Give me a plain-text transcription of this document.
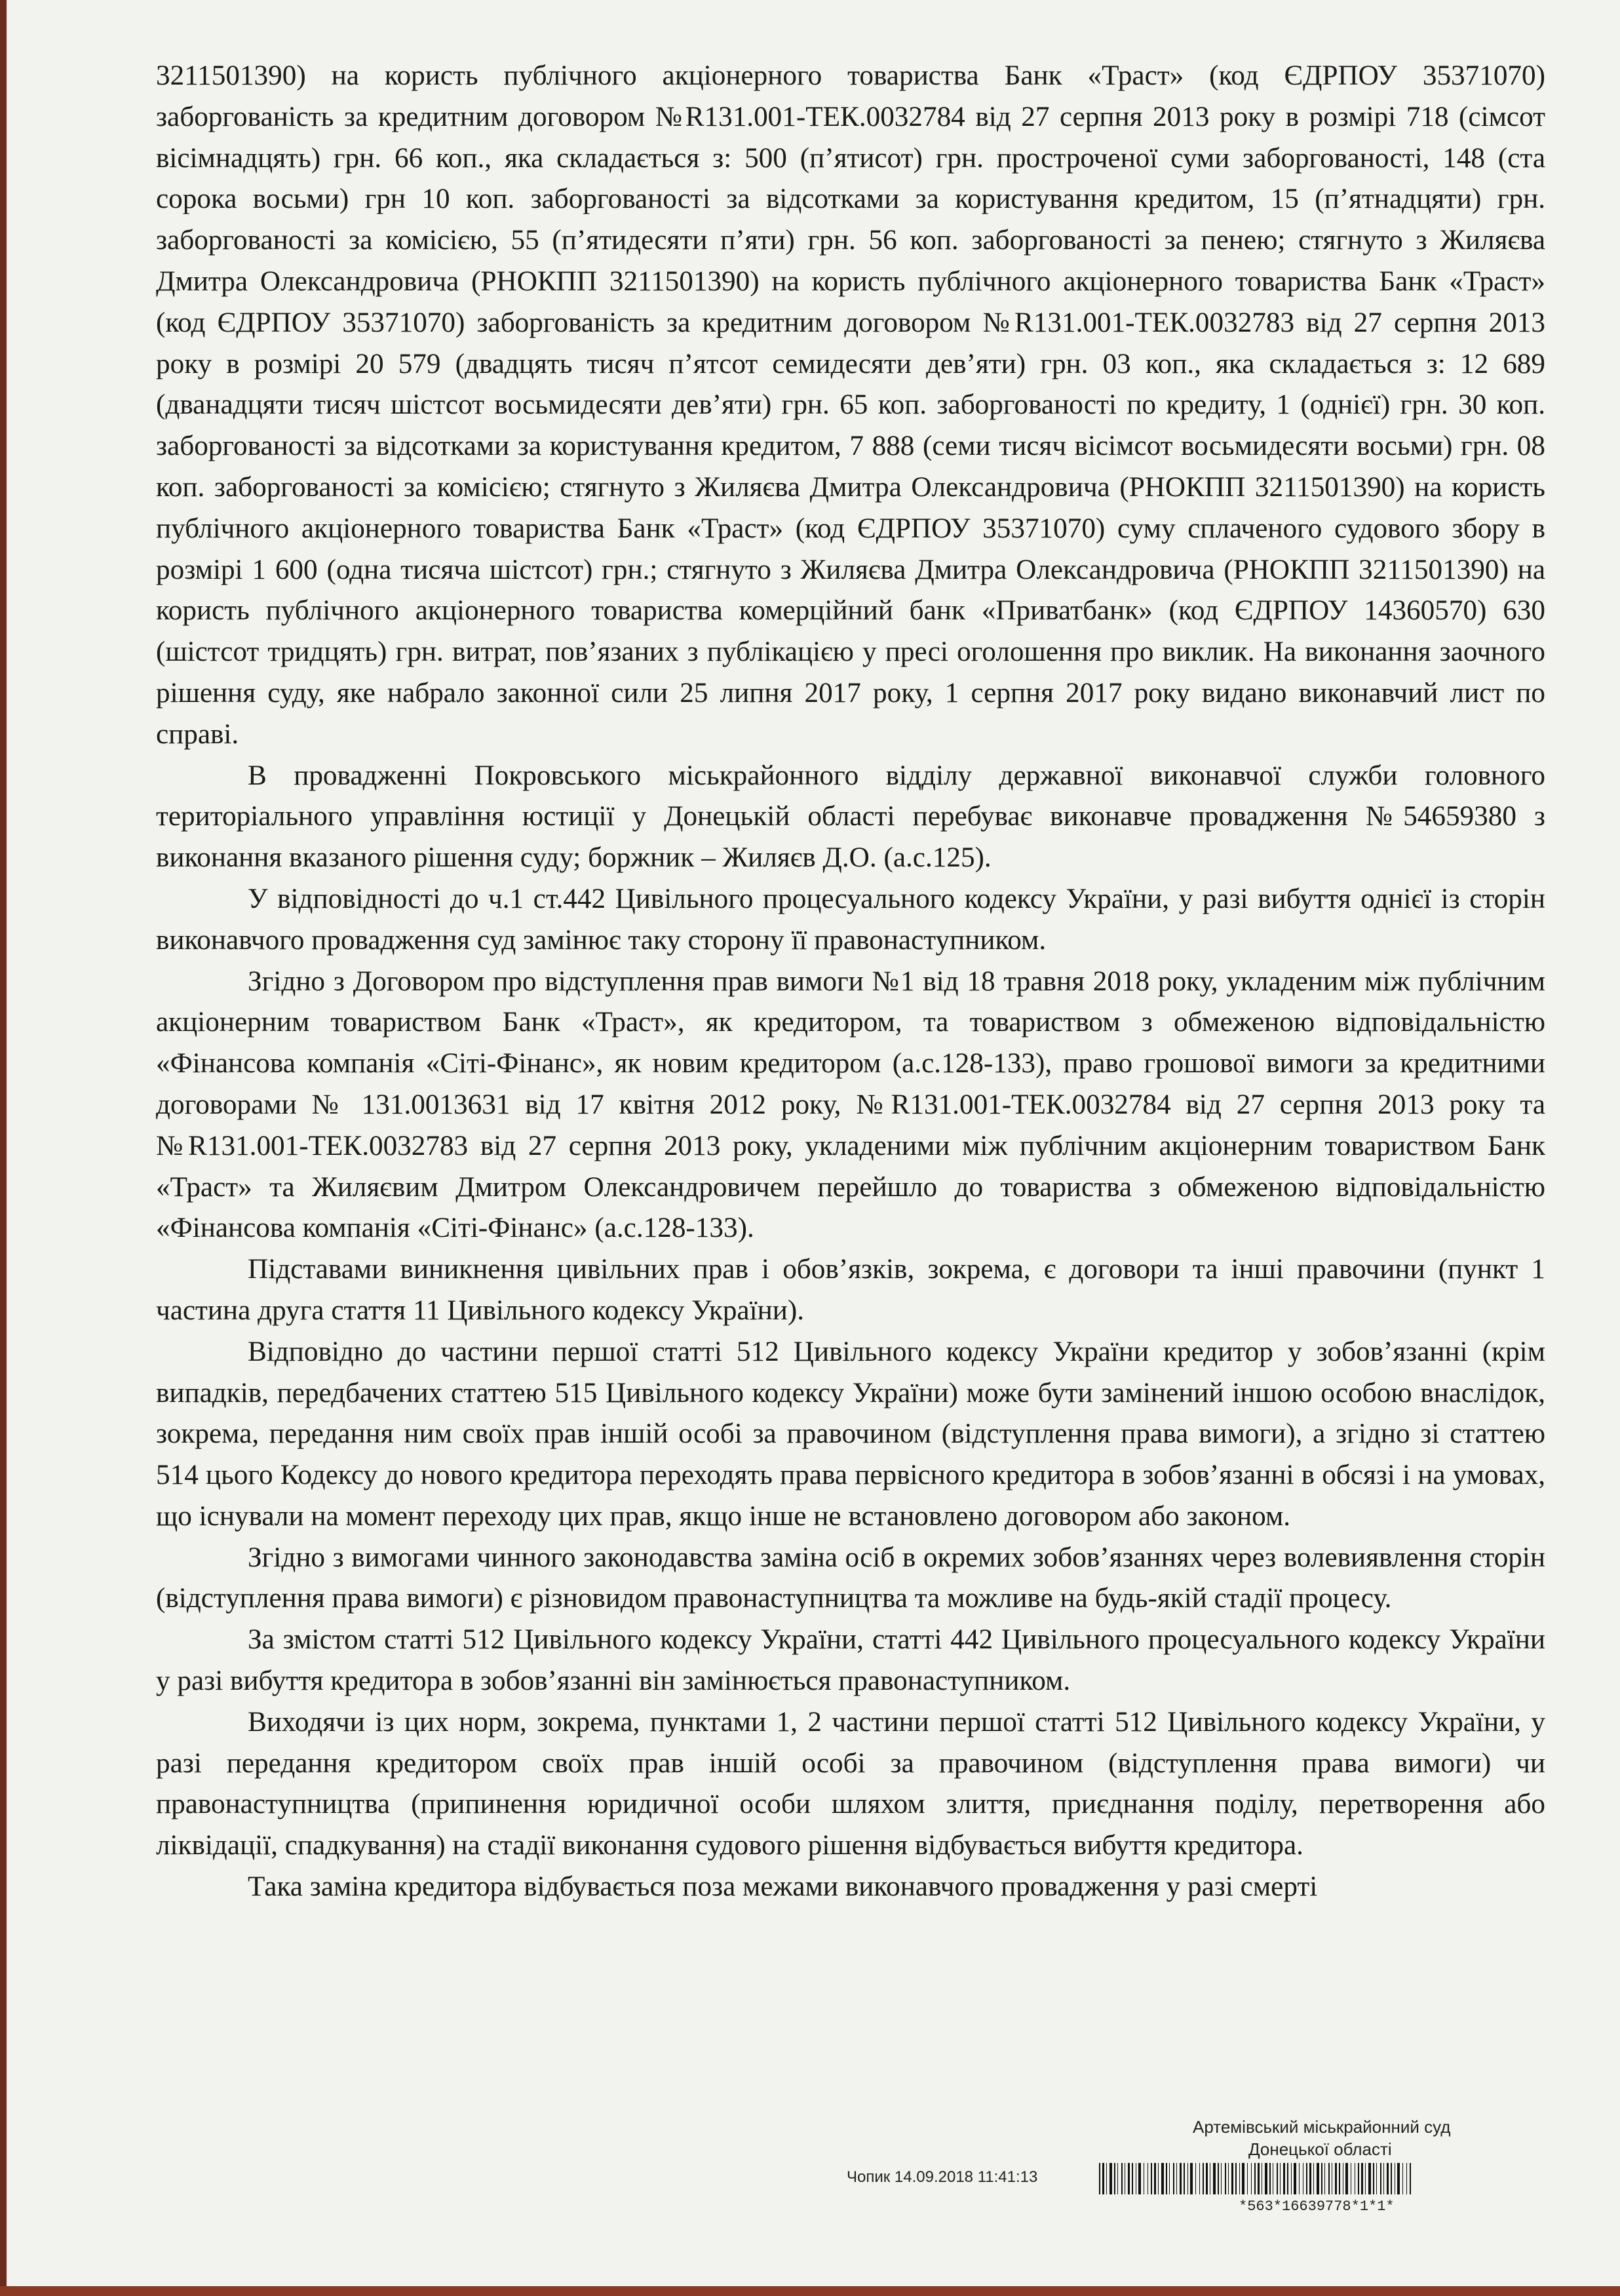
3211501390) на користь публічного акціонерного товариства Банк «Траст» (код ЄДРПОУ 35371070) заборгованість за кредитним договором №R131.001-ТЕК.0032784 від 27 серпня 2013 року в розмірі 718 (сімсот вісімнадцять) грн. 66 коп., яка складається з: 500 (п’ятисот) грн. простроченої суми заборгованості, 148 (ста сорока восьми) грн 10 коп. заборгованості за відсотками за користування кредитом, 15 (п’ятнадцяти) грн. заборгованості за комісією, 55 (п’ятидесяти п’яти) грн. 56 коп. заборгованості за пенею; стягнуто з Жиляєва Дмитра Олександровича (РНОКПП 3211501390) на користь публічного акціонерного товариства Банк «Траст» (код ЄДРПОУ 35371070) заборгованість за кредитним договором №R131.001-ТЕК.0032783 від 27 серпня 2013 року в розмірі 20 579 (двадцять тисяч п’ятсот семидесяти дев’яти) грн. 03 коп., яка складається з: 12 689 (дванадцяти тисяч шістсот восьмидесяти дев’яти) грн. 65 коп. заборгованості по кредиту, 1 (однієї) грн. 30 коп. заборгованості за відсотками за користування кредитом, 7 888 (семи тисяч вісімсот восьмидесяти восьми) грн. 08 коп. заборгованості за комісією; стягнуто з Жиляєва Дмитра Олександровича (РНОКПП 3211501390) на користь публічного акціонерного товариства Банк «Траст» (код ЄДРПОУ 35371070) суму сплаченого судового збору в розмірі 1 600 (одна тисяча шістсот) грн.; стягнуто з Жиляєва Дмитра Олександровича (РНОКПП 3211501390) на користь публічного акціонерного товариства комерційний банк «Приватбанк» (код ЄДРПОУ 14360570) 630 (шістсот тридцять) грн. витрат, пов’язаних з публікацією у пресі оголошення про виклик. На виконання заочного рішення суду, яке набрало законної сили 25 липня 2017 року, 1 серпня 2017 року видано виконавчий лист по справі.

В провадженні Покровського міськрайонного відділу державної виконавчої служби головного територіального управління юстиції у Донецькій області перебуває виконавче провадження №54659380 з виконання вказаного рішення суду; боржник – Жиляєв Д.О. (а.с.125).

У відповідності до ч.1 ст.442 Цивільного процесуального кодексу України, у разі вибуття однієї із сторін виконавчого провадження суд замінює таку сторону її правонаступником.

Згідно з Договором про відступлення прав вимоги №1 від 18 травня 2018 року, укладеним між публічним акціонерним товариством Банк «Траст», як кредитором, та товариством з обмеженою відповідальністю «Фінансова компанія «Сіті-Фінанс», як новим кредитором (а.с.128-133), право грошової вимоги за кредитними договорами № 131.0013631 від 17 квітня 2012 року, №R131.001-ТЕК.0032784 від 27 серпня 2013 року та №R131.001-ТЕК.0032783 від 27 серпня 2013 року, укладеними між публічним акціонерним товариством Банк «Траст» та Жиляєвим Дмитром Олександровичем перейшло до товариства з обмеженою відповідальністю «Фінансова компанія «Сіті-Фінанс» (а.с.128-133).

Підставами виникнення цивільних прав і обов’язків, зокрема, є договори та інші правочини (пункт 1 частина друга стаття 11 Цивільного кодексу України).

Відповідно до частини першої статті 512 Цивільного кодексу України кредитор у зобов’язанні (крім випадків, передбачених статтею 515 Цивільного кодексу України) може бути замінений іншою особою внаслідок, зокрема, передання ним своїх прав іншій особі за правочином (відступлення права вимоги), а згідно зі статтею 514 цього Кодексу до нового кредитора переходять права первісного кредитора в зобов’язанні в обсязі і на умовах, що існували на момент переходу цих прав, якщо інше не встановлено договором або законом.

Згідно з вимогами чинного законодавства заміна осіб в окремих зобов’язаннях через волевиявлення сторін (відступлення права вимоги) є різновидом правонаступництва та можливе на будь-якій стадії процесу.

За змістом статті 512 Цивільного кодексу України, статті 442 Цивільного процесуального кодексу України у разі вибуття кредитора в зобов’язанні він замінюється правонаступником.

Виходячи із цих норм, зокрема, пунктами 1, 2 частини першої статті 512 Цивільного кодексу України, у разі передання кредитором своїх прав іншій особі за правочином (відступлення права вимоги) чи правонаступництва (припинення юридичної особи шляхом злиття, приєднання поділу, перетворення або ліквідації, спадкування) на стадії виконання судового рішення відбувається вибуття кредитора.

Така заміна кредитора відбувається поза межами виконавчого провадження у разі смерті

Артемівський міськрайонний суд
Донецької області
Чопик 14.09.2018 11:41:13
*563*16639778*1*1*
